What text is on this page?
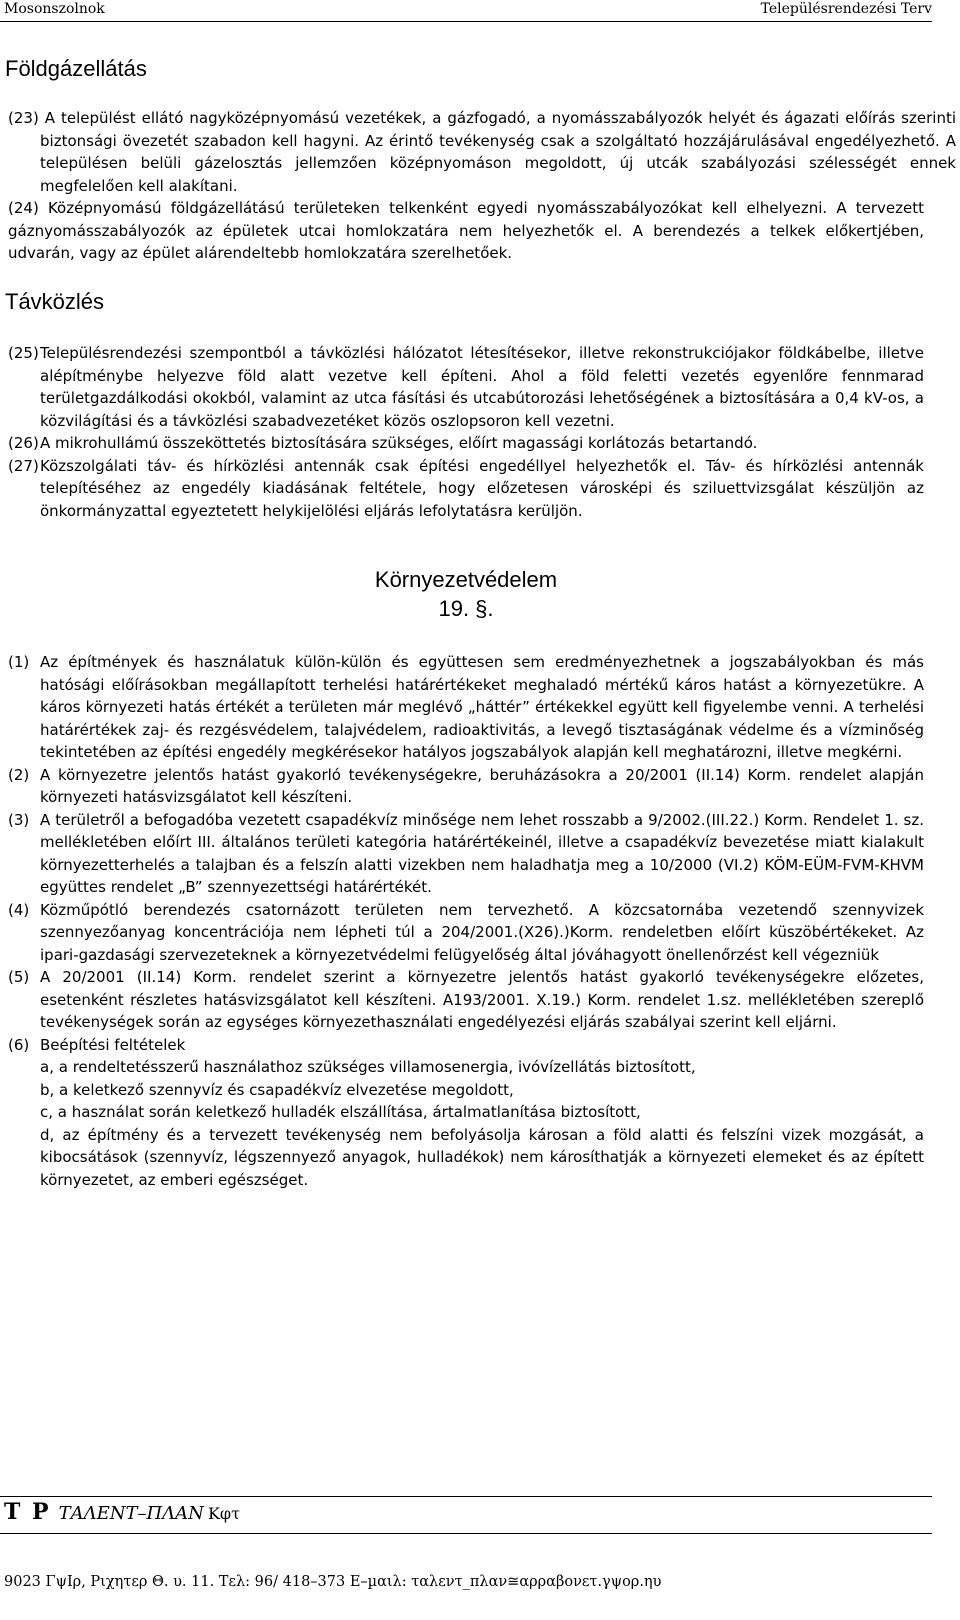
Mosonszolnok	Településrendezési Terv
Földgázellátás
(23) A települést ellátó nagyközépnyomású vezetékek, a gázfogadó, a nyomásszabályozók helyét és ágazati előírás szerinti biztonsági övezetét szabadon kell hagyni. Az érintő tevékenység csak a szolgáltató hozzájárulásával engedélyezhető. A településen belüli gázelosztás jellemzően középnyomáson megoldott, új utcák szabályozási szélességét ennek megfelelően kell alakítani.
(24) Középnyomású földgázellátású területeken telkenként egyedi nyomásszabályozókat kell elhelyezni. A tervezett gáznyomásszabályozók az épületek utcai homlokzatára nem helyezhetők el. A berendezés a telkek előkertjében, udvarán, vagy az épület alárendeltebb homlokzatára szerelhetőek.
Távközlés
(25) Településrendezési szempontból a távközlési hálózatot létesítésekor, illetve rekonstrukciójakor földkábelbe, illetve alépítménybe helyezve föld alatt vezetve kell építeni. Ahol a föld feletti vezetés egyenlőre fennmarad területgazdálkodási okokból, valamint az utca fásítási és utcabútorozási lehetőségének a biztosítására a 0,4 kV-os, a közvilágítási és a távközlési szabadvezetéket közös oszlopsoron kell vezetni.
(26) A mikrohullámú összeköttetés biztosítására szükséges, előírt magassági korlátozás betartandó.
(27) Közszolgálati táv- és hírközlési antennák csak építési engedéllyel helyezhetők el. Táv- és hírközlési antennák telepítéséhez az engedély kiadásának feltétele, hogy előzetesen városképi és sziluettvizsgálat készüljön az önkormányzattal egyeztetett helykijelölési eljárás lefolytatásra kerüljön.
Környezetvédelem
19. §.
(1) Az építmények és használatuk külön-külön és együttesen sem eredményezhetnek a jogszabályokban és más hatósági előírásokban megállapított terhelési határértékeket meghaladó mértékű káros hatást a környezetükre. A káros környezeti hatás értékét a területen már meglévő „háttér” értékekkel együtt kell figyelembe venni. A terhelési határértékek zaj- és rezgésvédelem, talajvédelem, radioaktivitás, a levegő tisztaságának védelme és a vízminőség tekintetében az építési engedély megkérésekor hatályos jogszabályok alapján kell meghatározni, illetve megkérni.
(2) A környezetre jelentős hatást gyakorló tevékenységekre, beruházásokra a 20/2001 (II.14) Korm. rendelet alapján környezeti hatásvizsgálatot kell készíteni.
(3) A területről a befogadóba vezetett csapadékvíz minősége nem lehet rosszabb a 9/2002.(III.22.) Korm. Rendelet 1. sz. mellékletében előírt III. általános területi kategória határértékeinél, illetve a csapadékvíz bevezetése miatt kialakult környezetterhelés a talajban és a felszín alatti vizekben nem haladhatja meg a 10/2000 (VI.2) KÖM-EÜM-FVM-KHVM együttes rendelet „B” szennyezettségi határértékét.
(4) Közműpótló berendezés csatornázott területen nem tervezhető. A közcsatornába vezetendő szennyvizek szennyezőanyag koncentrációja nem lépheti túl a 204/2001.(X26).)Korm. rendeletben előírt küszöbértékeket. Az ipari-gazdasági szervezeteknek a környezetvédelmi felügyelőség által jóváhagyott önellenőrzést kell végezniük
(5) A 20/2001 (II.14) Korm. rendelet szerint a környezetre jelentős hatást gyakorló tevékenységekre előzetes, esetenként részletes hatásvizsgálatot kell készíteni. A193/2001. X.19.) Korm. rendelet 1.sz. mellékletében szereplő tevékenységek során az egységes környezethasználati engedélyezési eljárás szabályai szerint kell eljárni.
(6) Beépítési feltételek
a, a rendeltetésszerű használathoz szükséges villamosenergia, ivóvízellátás biztosított,
b, a keletkező szennyvíz és csapadékvíz elvezetése megoldott,
c, a használat során keletkező hulladék elszállítása, ártalmatlanítása biztosított,
d, az építmény és a tervezett tevékenység nem befolyásolja károsan a föld alatti és felszíni vizek mozgását, a kibocsátások (szennyvíz, légszennyező anyagok, hulladékok) nem károsíthatják a környezeti elemeket és az épített környezetet, az emberi egészséget.
T P ΤΑΛΕΝΤ–ΠΛΑΝ Κφτ
9023 ΓψΙρ, Ριχητερ Θ. υ. 11. Τελ: 96/ 418–373 Ε–µαιλ: ταλεντ_πλαν≅αρραβονετ.γψορ.ηυ
